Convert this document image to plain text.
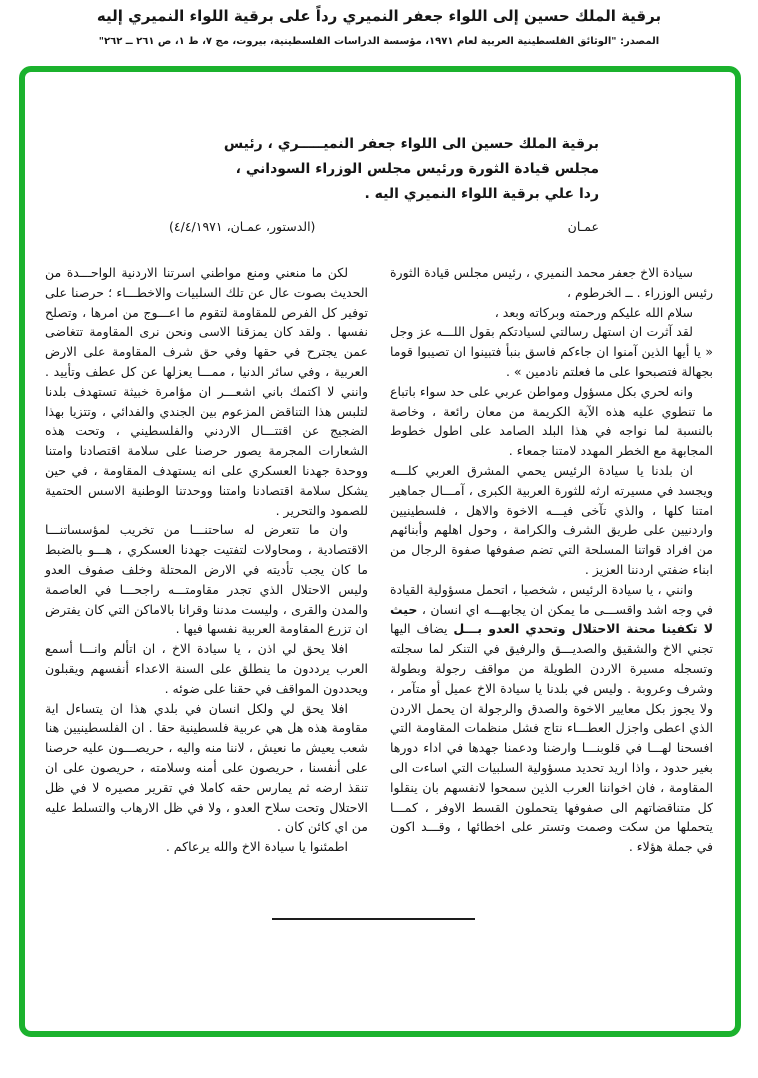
برقية الملك حسين إلى اللواء جعفر النميري رداً على برقية اللواء النميري إليه
المصدر: "الوثائق الفلسطينية العربية لعام ١٩٧١، مؤسسة الدراسات الفلسطينية، بيروت، مج ٧، ط ١، ص ٢٦١ ــ ٢٦٢"
برقية الملك حسين الى اللواء جعفر النميـــــري ، رئيس
مجلس قيادة الثورة ورئيس مجلس الوزراء السوداني ،
ردا علي برقية اللواء النميري اليه .
عمـان
(الدستور، عمـان، ٤/٤/١٩٧١)

سيادة الاخ جعفر محمد النميري ، رئيس مجلس قيادة الثورة رئيس الوزراء . ــ الخرطوم ،

سلام الله عليكم ورحمته وبركاته وبعد ،

لقد آثرت ان استهل رسالتي لسيادتكم بقول اللـــه عز وجل « يا أيها الذين آمنوا ان جاءكم فاسق بنبأ فتبينوا ان تصيبوا قوما بجهالة فتصبحوا على ما فعلتم نادمين » .

وانه لحري بكل مسؤول ومواطن عربي على حد سواء باتباع ما تنطوي عليه هذه الآية الكريمة من معان رائعة ، وخاصة بالنسبة لما نواجه في هذا البلد الصامد على اطول خطوط المجابهة مع الخطر المهدد لامتنا جمعاء .

ان بلدنا يا سيادة الرئيس يحمي المشرق العربي كلـــه ويجسد في مسيرته ارثه للثورة العربية الكبرى ، آمـــال جماهير امتنا كلها ، والذي تآخى فيـــه الاخوة والاهل ، فلسطينيين واردنيين على طريق الشرف والكرامة ، وحول اهلهم وأبنائهم من افراد قواتنا المسلحة التي تضم صفوفها صفوة الرجال من ابناء ضفتي اردننا العزيز .

وانني ، يا سيادة الرئيس ، شخصيا ، اتحمل مسؤولية القيادة في وجه اشد واقســـى ما يمكن ان يجابهـــه اي انسان ، حيث لا تكفينا محنة الاحتلال وتحدي العدو بـــل يضاف اليها تجني الاخ والشقيق والصديـــق والرفيق في التنكر لما سجلته وتسجله مسيرة الاردن الطويلة من مواقف رجولة وبطولة وشرف وعروبة . وليس في بلدنا يا سيادة الاخ عميل أو متآمر ، ولا يجوز بكل معايير الاخوة والصدق والرجولة ان يحمل الاردن الذي اعطى واجزل العطـــاء نتاج فشل منظمات المقاومة التي افسحنا لهـــا في قلوبنـــا وارضنا ودعمنا جهدها في اداء دورها بغير حدود ، واذا اريد تحديد مسؤولية السلبيات التي اساءت الى المقاومة ، فان اخواننا العرب الذين سمحوا لانفسهم بان ينقلوا كل متناقضاتهم الى صفوفها يتحملون القسط الاوفر ، كمـــا يتحملها من سكت وصمت وتستر على اخطائها ، وقـــد اكون في جملة هؤلاء .

لكن ما منعني ومنع مواطني اسرتنا الاردنية الواحـــدة من الحديث بصوت عال عن تلك السلبيات والاخطـــاء ؛ حرصنا على توفير كل الفرص للمقاومة لتقوم ما اعـــوج من امرها ، وتصلح نفسها . ولقد كان يمزقنا الاسى ونحن نرى المقاومة تتغاضى عمن يجترح في حقها وفي حق شرف المقاومة على الارض العربية ، وفي سائر الدنيا ، ممـــا يعزلها عن كل عطف وتأييد . وانني لا اكتمك باني اشعـــر ان مؤامرة خبيثة تستهدف بلدنا لتلبس هذا التناقض المزعوم بين الجندي والفدائي ، وتتزيا بهذا الضجيج عن اقتتـــال الاردني والفلسطيني ، وتحت هذه الشعارات المجرمة يصور حرصنا على سلامة اقتصادنا وامتنا ووحدة جهدنا العسكري على انه يستهدف المقاومة ، في حين يشكل سلامة اقتصادنا وامتنا ووحدتنا الوطنية الاسس الحتمية للصمود والتحرير .

وان ما تتعرض له ساحتنـــا من تخريب لمؤسساتنـــا الاقتصادية ، ومحاولات لتفتيت جهدنا العسكري ، هـــو بالضبط ما كان يجب تأديته في الارض المحتلة وخلف صفوف العدو وليس الاحتلال الذي تجدر مقاومتـــه راجحـــا في العاصمة والمدن والقرى ، وليست مدننا وقرانا بالاماكن التي كان يفترض ان تزرع المقاومة العربية نفسها فيها .

افلا يحق لي اذن ، يا سيادة الاخ ، ان اتألم وانـــا أسمع العرب يرددون ما ينطلق على السنة الاعداء أنفسهم ويقبلون ويحددون المواقف في حقنا على ضوئه .

افلا يحق لي ولكل انسان في بلدي هذا ان يتساءل اية مقاومة هذه هل هي عربية فلسطينية حقا . ان الفلسطينيين هنا شعب يعيش ما نعيش ، لاننا منه واليه ، حريصـــون عليه حرصنا على أنفسنا ، حريصون على أمنه وسلامته ، حريصون على ان تنقذ ارضه ثم يمارس حقه كاملا في تقرير مصيره لا في ظل الاحتلال وتحت سلاح العدو ، ولا في ظل الارهاب والتسلط عليه من اي كائن كان .

اطمئنوا يا سيادة الاخ والله يرعاكم .
